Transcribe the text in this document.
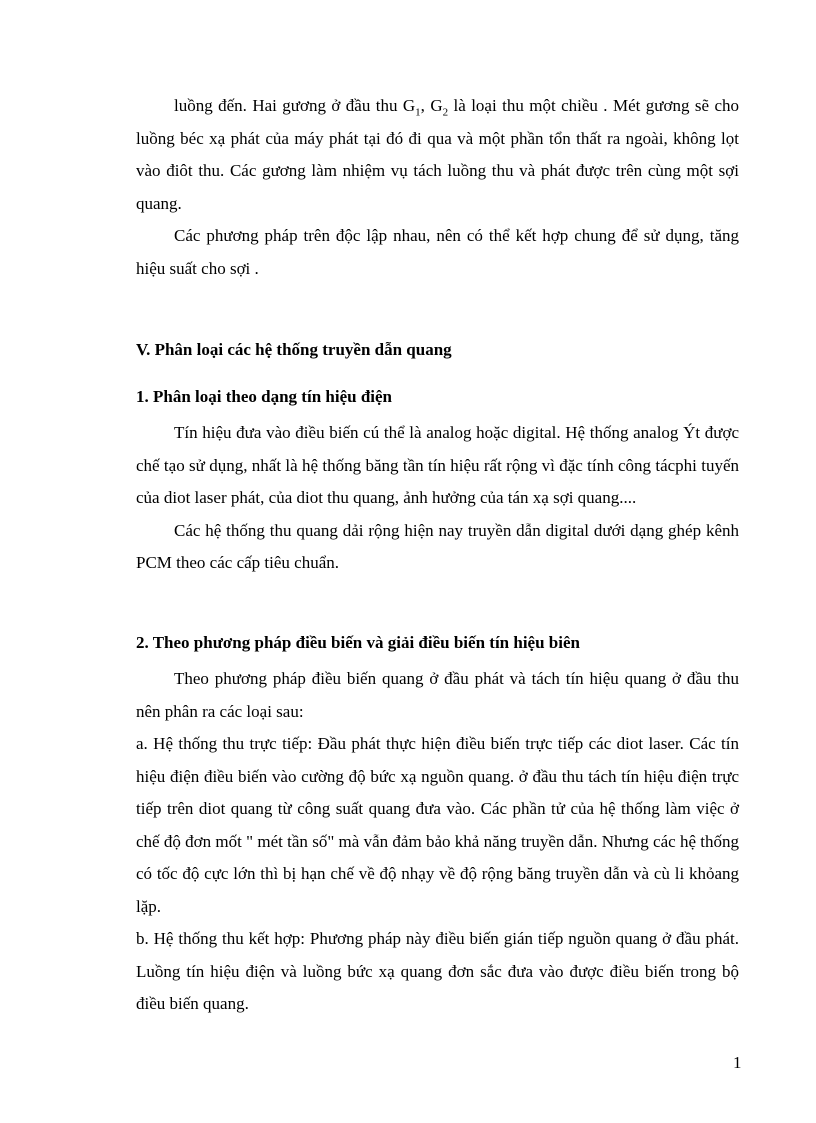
luồng đến. Hai gương ở đầu thu $G_1$, $G_2$ là loại thu một chiều . Mét gương sẽ cho luồng béc xạ phát của máy phát tại đó đi qua và một phần tổn thất ra ngoài, không lọt vào điôt thu. Các gương làm nhiệm vụ tách luồng thu và phát được trên cùng một sợi quang.

Các phương pháp trên độc lập nhau, nên có thể kết hợp chung để sử dụng, tăng hiệu suất cho sợi .

V. Phân loại các hệ thống truyền dẫn quang
1. Phân loại theo dạng tín hiệu điện

Tín hiệu đưa vào điều biến cú thể là analog hoặc digital. Hệ thống analog Ýt được chế tạo sử dụng, nhất là hệ thống băng tần tín hiệu rất rộng vì đặc tính công tácphi tuyến của diot laser phát, của diot thu quang, ảnh hưởng của tán xạ sợi quang....

Các hệ thống thu quang dải rộng hiện nay truyền dẫn digital dưới dạng ghép kênh PCM theo các cấp tiêu chuẩn.

2. Theo phương pháp điều biến và giải điều biến tín hiệu biên

Theo phương pháp điều biến quang ở đầu phát và tách tín hiệu quang ở đầu thu nên phân ra các loại sau:

a. Hệ thống thu trực tiếp: Đầu phát thực hiện điều biến trực tiếp các diot laser. Các tín hiệu điện điều biến vào cường độ bức xạ nguồn quang. ở đầu thu tách tín hiệu điện trực tiếp trên diot quang từ công suất quang đưa vào. Các phần tử của hệ thống làm việc ở chế độ đơn mốt " mét tần số" mà vẫn đảm bảo khả năng truyền dẫn. Nhưng các hệ thống có tốc độ cực lớn thì bị hạn chế về độ nhạy về độ rộng băng truyền dẫn và cù li khỏang lặp.

b. Hệ thống thu kết hợp: Phương pháp này điều biến gián tiếp nguồn quang ở đầu phát. Luồng tín hiệu điện và luồng bức xạ quang đơn sắc đưa vào được điều biến trong bộ điều biến quang.

1
